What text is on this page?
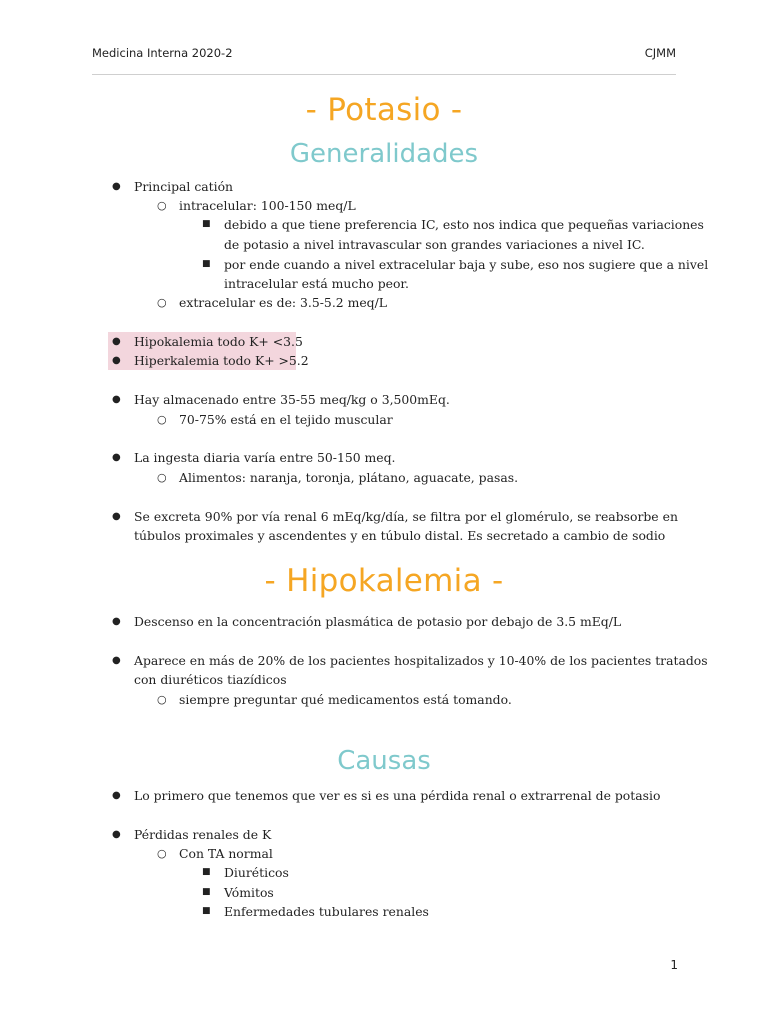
Medicina Interna 2020-2	CJMM
- Potasio -
Generalidades
● Principal catión
○ intracelular: 100-150 meq/L
■ debido a que tiene preferencia IC, esto nos indica que pequeñas variaciones
de potasio a nivel intravascular son grandes variaciones a nivel IC.
■ por ende cuando a nivel extracelular baja y sube, eso nos sugiere que a nivel
intracelular está mucho peor.
○ extracelular es de: 3.5-5.2 meq/L
● Hipokalemia todo K+ <3.5
● Hiperkalemia todo K+ >5.2
● Hay almacenado entre 35-55 meq/kg o 3,500mEq.
○ 70-75% está en el tejido muscular
● La ingesta diaria varía entre 50-150 meq.
○ Alimentos: naranja, toronja, plátano, aguacate, pasas.
● Se excreta 90% por vía renal 6 mEq/kg/día, se filtra por el glomérulo, se reabsorbe en
túbulos proximales y ascendentes y en túbulo distal. Es secretado a cambio de sodio
- Hipokalemia -
● Descenso en la concentración plasmática de potasio por debajo de 3.5 mEq/L
● Aparece en más de 20% de los pacientes hospitalizados y 10-40% de los pacientes tratados
con diuréticos tiazídicos
○ siempre preguntar qué medicamentos está tomando.
Causas
● Lo primero que tenemos que ver es si es una pérdida renal o extrarrenal de potasio
● Pérdidas renales de K
○ Con TA normal
■ Diuréticos
■ Vómitos
■ Enfermedades tubulares renales
1
